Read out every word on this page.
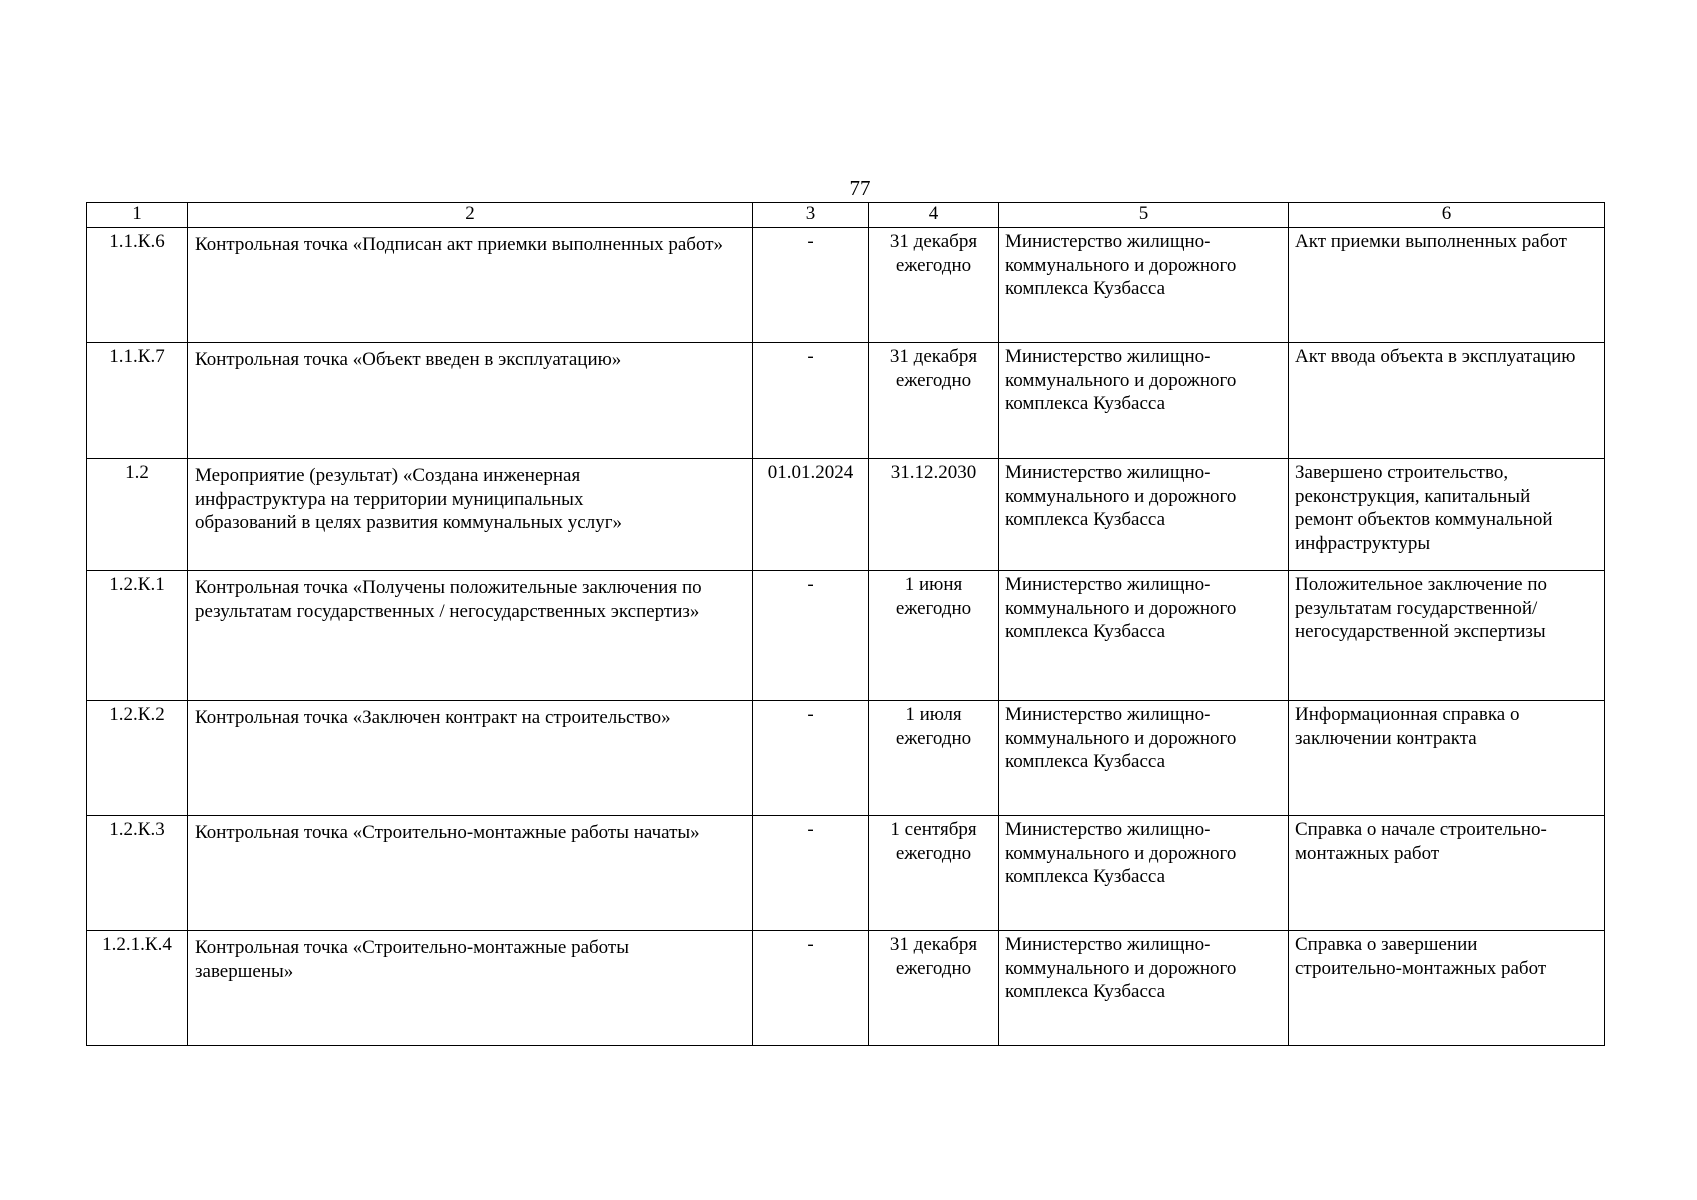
77
1	2	3	4	5	6
1.1.К.6	Контрольная точка «Подписан акт приемки выполненных работ»	-	31 декабря
ежегодно	Министерство жилищно-
коммунального и дорожного
комплекса Кузбасса	Акт приемки выполненных работ
1.1.К.7	Контрольная точка «Объект введен в эксплуатацию»	-	31 декабря
ежегодно	Министерство жилищно-
коммунального и дорожного
комплекса Кузбасса	Акт ввода объекта в эксплуатацию
1.2	Мероприятие (результат) «Создана инженерная
инфраструктура на территории муниципальных
образований в целях развития коммунальных услуг»	01.01.2024	31.12.2030	Министерство жилищно-
коммунального и дорожного
комплекса Кузбасса	Завершено строительство,
реконструкция, капитальный
ремонт объектов коммунальной
инфраструктуры
1.2.К.1	Контрольная точка «Получены положительные заключения по
результатам государственных / негосударственных экспертиз»	-	1 июня
ежегодно	Министерство жилищно-
коммунального и дорожного
комплекса Кузбасса	Положительное заключение по
результатам государственной/
негосударственной экспертизы
1.2.К.2	Контрольная точка «Заключен контракт на строительство»	-	1 июля
ежегодно	Министерство жилищно-
коммунального и дорожного
комплекса Кузбасса	Информационная справка о
заключении контракта
1.2.К.3	Контрольная точка «Строительно-монтажные работы начаты»	-	1 сентября
ежегодно	Министерство жилищно-
коммунального и дорожного
комплекса Кузбасса	Справка о начале строительно-
монтажных работ
1.2.1.К.4	Контрольная точка «Строительно-монтажные работы
завершены»	-	31 декабря
ежегодно	Министерство жилищно-
коммунального и дорожного
комплекса Кузбасса	Справка о завершении
строительно-монтажных работ
